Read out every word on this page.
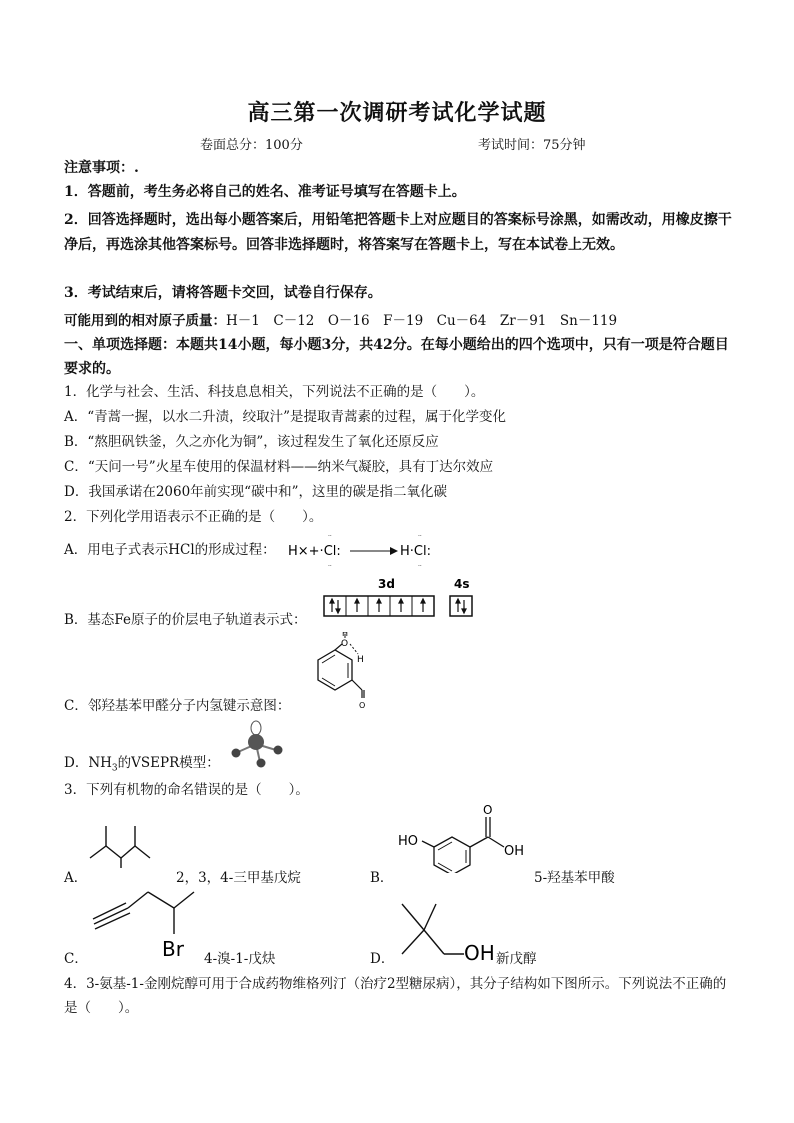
高三第一次调研考试化学试题
卷面总分：100分	考试时间：75分钟
注意事项：.
1．答题前，考生务必将自己的姓名、准考证号填写在答题卡上。
2．回答选择题时，选出每小题答案后，用铅笔把答题卡上对应题目的答案标号涂黑，如需改动，用橡皮擦干净后，再选涂其他答案标号。回答非选择题时，将答案写在答题卡上，写在本试卷上无效。
3．考试结束后，请将答题卡交回，试卷自行保存。
可能用到的相对原子质量：H－1　C－12　O－16　F－19　Cu－64　Zr－91　Sn－119
一、单项选择题：本题共14小题，每小题3分，共42分。在每小题给出的四个选项中，只有一项是符合题目要求的。
1．化学与社会、生活、科技息息相关，下列说法不正确的是（　　）。
A．“青蒿一握，以水二升渍，绞取汁”是提取青蒿素的过程，属于化学变化
B．“熬胆矾铁釜，久之亦化为铜”，该过程发生了氧化还原反应
C．“天问一号”火星车使用的保温材料——纳米气凝胶，具有丁达尔效应
D．我国承诺在2060年前实现“碳中和”，这里的碳是指二氧化碳
2．下列化学用语表示不正确的是（　　）。
A．用电子式表示HCl的形成过程： H×+·Cl:
··
··
H·Cl:
··
··
B．基态Fe原子的价层电子轨道表示式：
3d	4s
C．邻羟基苯甲醛分子内氢键示意图：
O
H
H
O
D．$NH_3$的VSEPR模型：
3．下列有机物的命名错误的是（　　）。
A．	2，3，4-三甲基戊烷	B．
HO
O
OH
5-羟基苯甲酸
C．	Br 4-溴-1-戊炔	D．	OH 新戊醇
4．3-氨基-1-金刚烷醇可用于合成药物维格列汀（治疗2型糖尿病），其分子结构如下图所示。下列说法不正确的是（　　）。
